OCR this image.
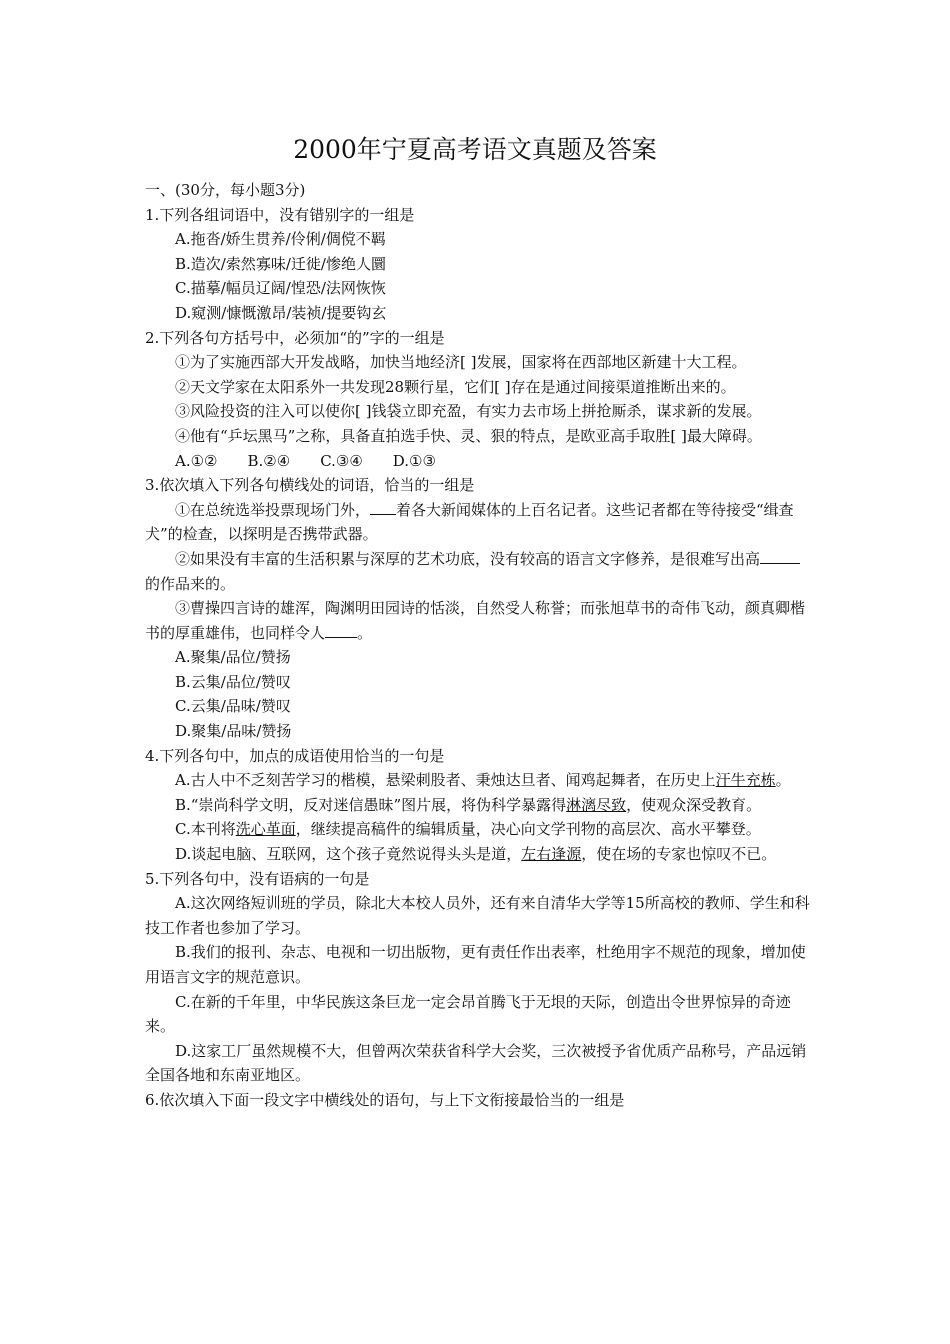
2000年宁夏高考语文真题及答案

一、(30分，每小题3分)

1.下列各组词语中，没有错别字的一组是

A.拖沓/娇生贯养/伶俐/倜傥不羁

B.造次/索然寡味/迁徙/惨绝人圜

C.描摹/幅员辽阔/惶恐/法网恢恢

D.窥测/慷慨激昂/装祯/提要钩玄

2.下列各句方括号中，必须加“的”字的一组是

①为了实施西部大开发战略，加快当地经济[ ]发展，国家将在西部地区新建十大工程。

②天文学家在太阳系外一共发现28颗行星，它们[ ]存在是通过间接渠道推断出来的。

③风险投资的注入可以使你[ ]钱袋立即充盈，有实力去市场上拼抢厮杀，谋求新的发展。

④他有“乒坛黑马”之称，具备直拍选手快、灵、狠的特点，是欧亚高手取胜[ ]最大障碍。

A.①② B.②④ C.③④ D.①③

3.依次填入下列各句横线处的词语，恰当的一组是

①在总统选举投票现场门外， 着各大新闻媒体的上百名记者。这些记者都在等待接受“缉查犬”的检查，以探明是否携带武器。

②如果没有丰富的生活积累与深厚的艺术功底，没有较高的语言文字修养，是很难写出高的作品来的。

③曹操四言诗的雄浑，陶渊明田园诗的恬淡，自然受人称誉；而张旭草书的奇伟飞动，颜真卿楷书的厚重雄伟，也同样令人 。

A.聚集/品位/赞扬

B.云集/品位/赞叹

C.云集/品味/赞叹

D.聚集/品味/赞扬

4.下列各句中，加点的成语使用恰当的一句是

A.古人中不乏刻苦学习的楷模，悬梁刺股者、秉烛达旦者、闻鸡起舞者，在历史上汗牛充栋。

B.“崇尚科学文明，反对迷信愚昧”图片展，将伪科学暴露得淋漓尽致，使观众深受教育。

C.本刊将洗心革面，继续提高稿件的编辑质量，决心向文学刊物的高层次、高水平攀登。

D.谈起电脑、互联网，这个孩子竟然说得头头是道，左右逢源，使在场的专家也惊叹不已。

5.下列各句中，没有语病的一句是

A.这次网络短训班的学员，除北大本校人员外，还有来自清华大学等15所高校的教师、学生和科技工作者也参加了学习。

B.我们的报刊、杂志、电视和一切出版物，更有责任作出表率，杜绝用字不规范的现象，增加使用语言文字的规范意识。

C.在新的千年里，中华民族这条巨龙一定会昂首腾飞于无垠的天际，创造出令世界惊异的奇迹来。

D.这家工厂虽然规模不大，但曾两次荣获省科学大会奖，三次被授予省优质产品称号，产品远销全国各地和东南亚地区。

6.依次填入下面一段文字中横线处的语句，与上下文衔接最恰当的一组是
